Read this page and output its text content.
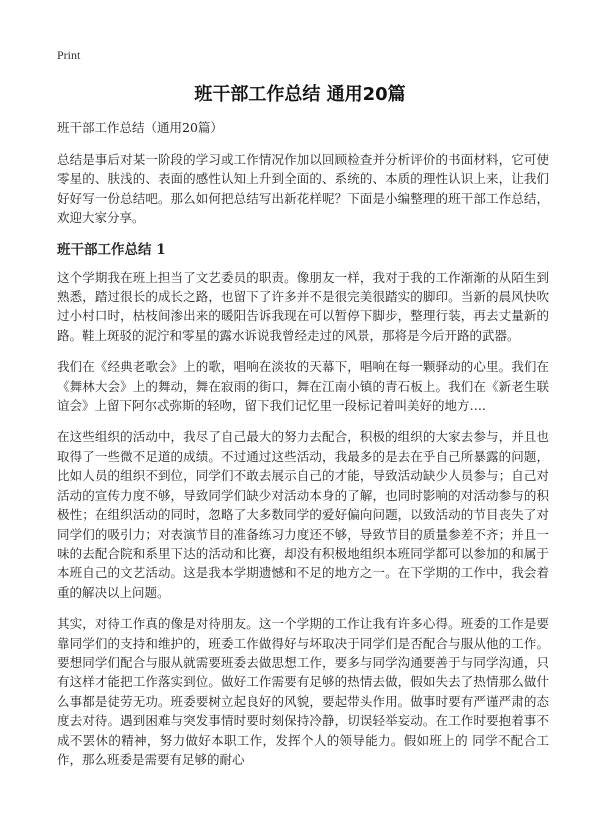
Print
班干部工作总结 通用20篇

班干部工作总结（通用20篇）

总结是事后对某一阶段的学习或工作情况作加以回顾检查并分析评价的书面材料，它可使零星的、肤浅的、表面的感性认知上升到全面的、系统的、本质的理性认识上来，让我们好好写一份总结吧。那么如何把总结写出新花样呢？下面是小编整理的班干部工作总结，欢迎大家分享。

班干部工作总结 1

这个学期我在班上担当了文艺委员的职责。像朋友一样，我对于我的工作渐渐的从陌生到熟悉，踏过很长的成长之路，也留下了许多并不是很完美很踏实的脚印。当新的晨风快吹过小村口时，枯枝间渗出来的暖阳告诉我现在可以暂停下脚步，整理行装，再去丈量新的路。鞋上斑驳的泥泞和零星的露水诉说我曾经走过的风景，那将是今后开路的武器。

我们在《经典老歌会》上的歌，唱响在淡妆的天幕下，唱响在每一颗驿动的心里。我们在《舞林大会》上的舞动，舞在寂雨的街口，舞在江南小镇的青石板上。我们在《新老生联谊会》上留下阿尔忒弥斯的轻吻，留下我们记忆里一段标记着叫美好的地方….

在这些组织的活动中，我尽了自己最大的努力去配合，积极的组织的大家去参与，并且也取得了一些微不足道的成绩。不过通过这些活动，我最多的是去在乎自己所暴露的问题，比如人员的组织不到位，同学们不敢去展示自己的才能，导致活动缺少人员参与；自己对活动的宣传力度不够，导致同学们缺少对活动本身的了解，也同时影响的对活动参与的积极性；在组织活动的同时，忽略了大多数同学的爱好偏向问题，以致活动的节目丧失了对同学们的吸引力；对表演节目的准备练习力度还不够，导致节目的质量参差不齐；并且一味的去配合院和系里下达的活动和比赛，却没有积极地组织本班同学都可以参加的和属于本班自己的文艺活动。这是我本学期遗憾和不足的地方之一。在下学期的工作中，我会着重的解决以上问题。

其实，对待工作真的像是对待朋友。这一个学期的工作让我有许多心得。班委的工作是要靠同学们的支持和维护的，班委工作做得好与坏取决于同学们是否配合与服从他的工作。要想同学们配合与服从就需要班委去做思想工作，要多与同学沟通要善于与同学沟通，只有这样才能把工作落实到位。做好工作需要有足够的热情去做，假如失去了热情那么做什么事都是徒劳无功。班委要树立起良好的风貌，要起带头作用。做事时要有严谨严肃的态度去对待。遇到困难与突发事情时要时刻保持冷静，切误轻举妄动。在工作时要抱着事不成不罢休的精神，努力做好本职工作，发挥个人的领导能力。假如班上的 同学不配合工作，那么班委是需要有足够的耐心
